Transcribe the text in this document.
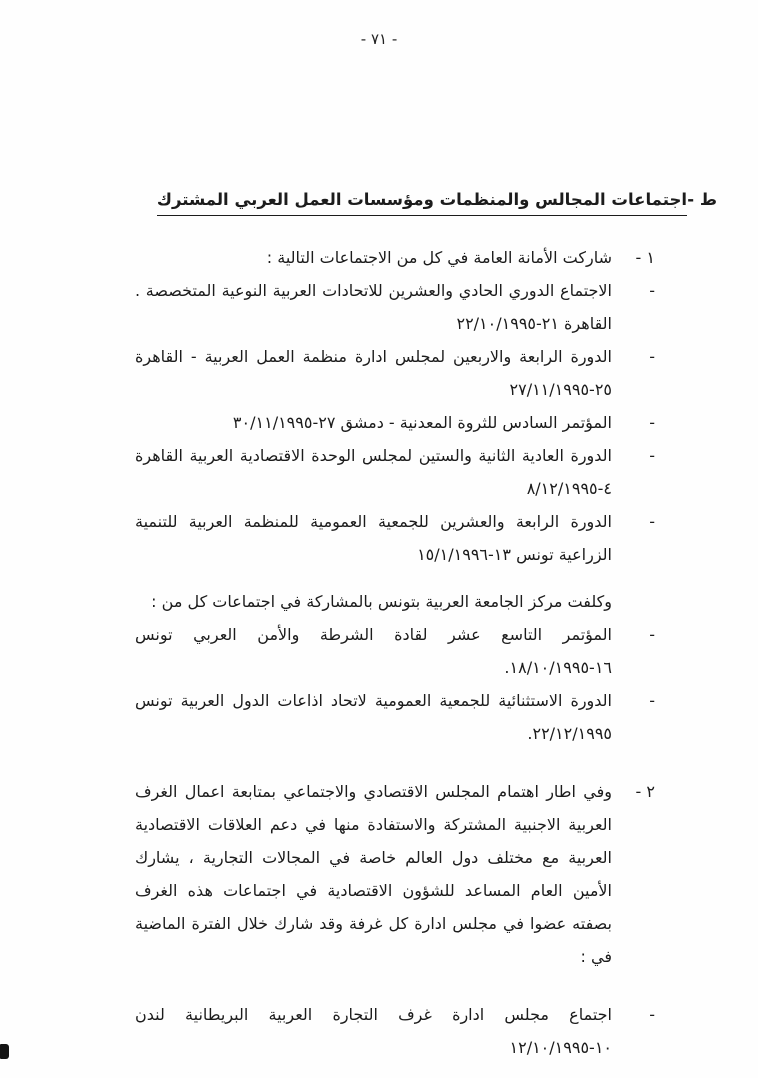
- ٧١ -
ط -
اجتماعات المجالس والمنظمات ومؤسسات العمل العربي المشترك
١ -
شاركت الأمانة العامة في كل من الاجتماعات التالية :
-
الاجتماع الدوري الحادي والعشرين للاتحادات العربية النوعية المتخصصة . القاهرة ٢١-٢٢/١٠/١٩٩٥
-
الدورة الرابعة والاربعين لمجلس ادارة منظمة العمل العربية - القاهرة ٢٥-٢٧/١١/١٩٩٥
-
المؤتمر السادس للثروة المعدنية - دمشق ٢٧-٣٠/١١/١٩٩٥
-
الدورة العادية الثانية والستين لمجلس الوحدة الاقتصادية العربية القاهرة ٤-٨/١٢/١٩٩٥
-
الدورة الرابعة والعشرين للجمعية العمومية للمنظمة العربية للتنمية الزراعية تونس ١٣-١٥/١/١٩٩٦
وكلفت مركز الجامعة العربية بتونس بالمشاركة في اجتماعات كل من :
-
المؤتمر التاسع عشر لقادة الشرطة والأمن العربي تونس ١٦-١٨/١٠/١٩٩٥.
-
الدورة الاستثنائية للجمعية العمومية لاتحاد اذاعات الدول العربية تونس ٢٢/١٢/١٩٩٥.
٢ -
وفي اطار اهتمام المجلس الاقتصادي والاجتماعي بمتابعة اعمال الغرف العربية الاجنبية المشتركة والاستفادة منها في دعم العلاقات الاقتصادية العربية مع مختلف دول العالم خاصة في المجالات التجارية ، يشارك الأمين العام المساعد للشؤون الاقتصادية في اجتماعات هذه الغرف بصفته عضوا في مجلس ادارة كل غرفة وقد شارك خلال الفترة الماضية في :
-
اجتماع مجلس ادارة غرف التجارة العربية البريطانية لندن ١٠-١٢/١٠/١٩٩٥
